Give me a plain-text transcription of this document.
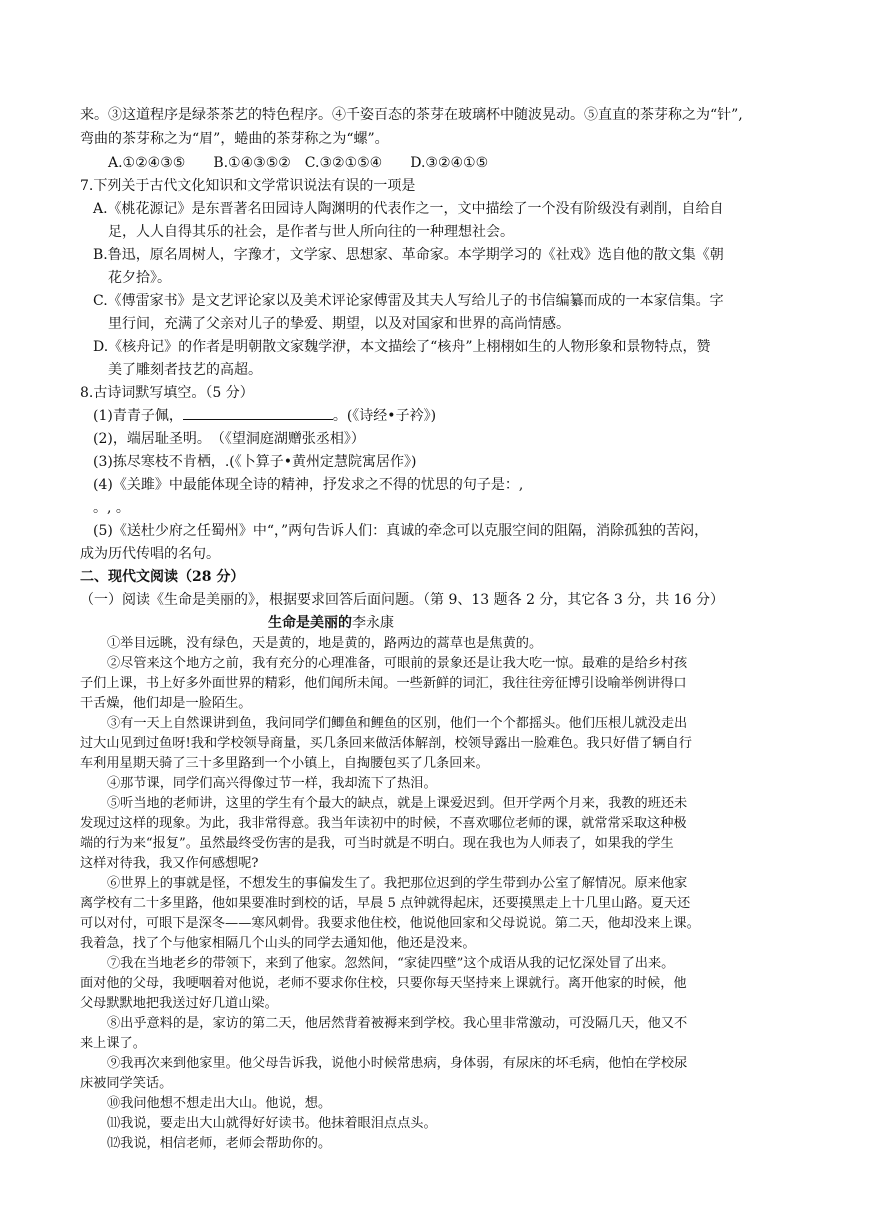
来。③这道程序是绿茶茶艺的特色程序。④千姿百态的茶芽在玻璃杯中随波晃动。⑤直直的茶芽称之为“针”,
弯曲的茶芽称之为“眉”，蜷曲的茶芽称之为“螺”。
A.①②④③⑤　　B.①④③⑤②　C.③②①⑤④　　D.③②④①⑤
7.下列关于古代文化知识和文学常识说法有误的一项是
A.《桃花源记》是东晋著名田园诗人陶渊明的代表作之一，文中描绘了一个没有阶级没有剥削，自给自
足，人人自得其乐的社会，是作者与世人所向往的一种理想社会。
B.鲁迅，原名周树人，字豫才，文学家、思想家、革命家。本学期学习的《社戏》选自他的散文集《朝
花夕拾》。
C.《傅雷家书》是文艺评论家以及美术评论家傅雷及其夫人写给儿子的书信编纂而成的一本家信集。字
里行间，充满了父亲对儿子的挚爱、期望，以及对国家和世界的高尚情感。
D.《核舟记》的作者是明朝散文家魏学洢，本文描绘了“核舟”上栩栩如生的人物形象和景物特点，赞
美了雕刻者技艺的高超。
8.古诗词默写填空。（5 分）
(1)青青子佩，	。(《诗经•子衿》)
(2)，端居耻圣明。　（《望洞庭湖赠张丞相》）
(3)拣尽寒枝不肯栖，.(《卜算子•黄州定慧院寓居作》)
(4)《关雎》中最能体现全诗的精神，抒发求之不得的忧思的句子是：,
。, 。
(5)《送杜少府之任蜀州》中“，”两句告诉人们：真诚的牵念可以克服空间的阻隔，消除孤独的苦闷，
成为历代传唱的名句。
二、现代文阅读（28 分）
（一）阅读《生命是美丽的》，根据要求回答后面问题。（第 9、13 题各 2 分，其它各 3 分，共 16 分）
生命是美丽的李永康
①举目远眺，没有绿色，天是黄的，地是黄的，路两边的蒿草也是焦黄的。
②尽管来这个地方之前，我有充分的心理准备，可眼前的景象还是让我大吃一惊。最难的是给乡村孩
子们上课，书上好多外面世界的精彩，他们闻所未闻。一些新鲜的词汇，我往往旁征博引设喻举例讲得口
干舌燥，他们却是一脸陌生。
③有一天上自然课讲到鱼，我问同学们鲫鱼和鲤鱼的区别，他们一个个都摇头。他们压根儿就没走出
过大山见到过鱼呀!我和学校领导商量，买几条回来做活体解剖，校领导露出一脸难色。我只好借了辆自行
车利用星期天骑了三十多里路到一个小镇上，自掏腰包买了几条回来。
④那节课，同学们高兴得像过节一样，我却流下了热泪。
⑤听当地的老师讲，这里的学生有个最大的缺点，就是上课爱迟到。但开学两个月来，我教的班还未
发现过这样的现象。为此，我非常得意。我当年读初中的时候，不喜欢哪位老师的课，就常常采取这种极
端的行为来“报复”。虽然最终受伤害的是我，可当时就是不明白。现在我也为人师表了，如果我的学生
这样对待我，我又作何感想呢?
⑥世界上的事就是怪，不想发生的事偏发生了。我把那位迟到的学生带到办公室了解情况。原来他家
离学校有二十多里路，他如果要准时到校的话，早晨 5 点钟就得起床，还要摸黑走上十几里山路。夏天还
可以对付，可眼下是深冬——寒风刺骨。我要求他住校，他说他回家和父母说说。第二天，他却没来上课。
我着急，找了个与他家相隔几个山头的同学去通知他，他还是没来。
⑦我在当地老乡的带领下，来到了他家。忽然间，“家徒四壁”这个成语从我的记忆深处冒了出来。
面对他的父母，我哽咽着对他说，老师不要求你住校，只要你每天坚持来上课就行。离开他家的时候，他
父母默默地把我送过好几道山梁。
⑧出乎意料的是，家访的第二天，他居然背着被褥来到学校。我心里非常激动，可没隔几天，他又不
来上课了。
⑨我再次来到他家里。他父母告诉我，说他小时候常患病，身体弱，有尿床的坏毛病，他怕在学校尿
床被同学笑话。
⑩我问他想不想走出大山。他说，想。
⑾我说，要走出大山就得好好读书。他抹着眼泪点点头。
⑿我说，相信老师，老师会帮助你的。
